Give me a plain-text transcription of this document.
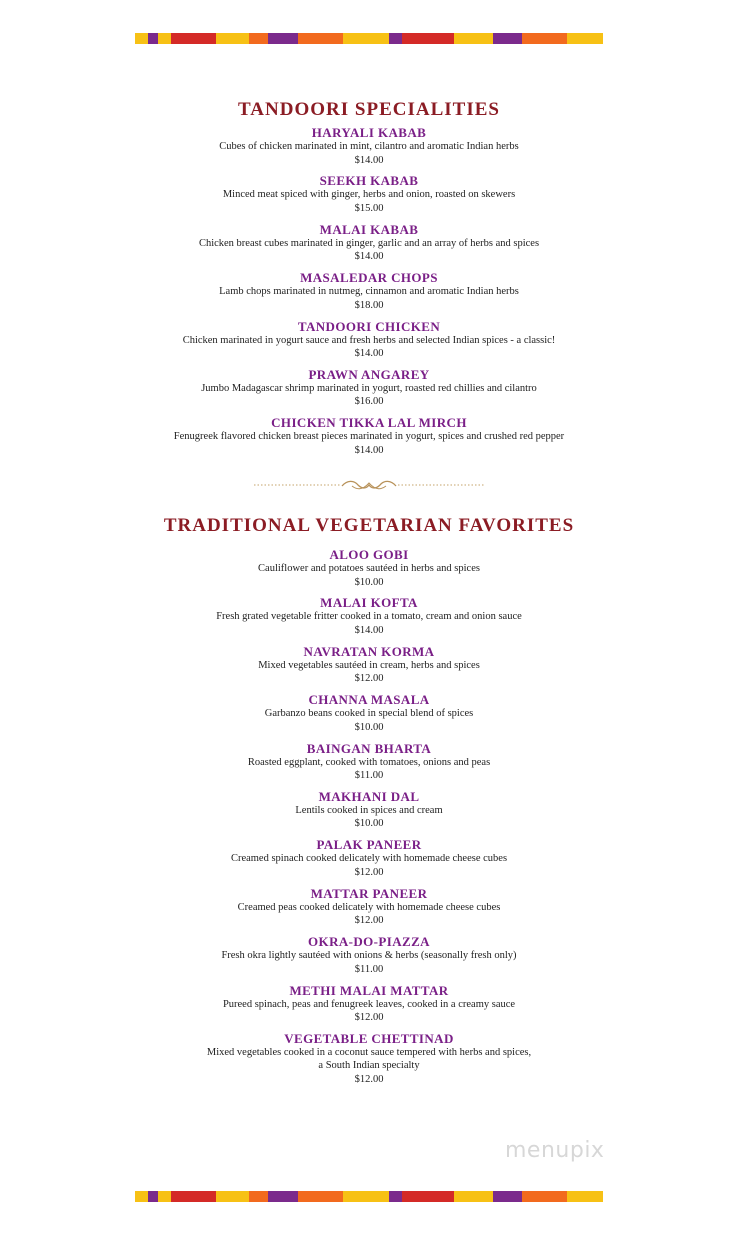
TANDOORI SPECIALITIES
HARYALI KABAB
Cubes of chicken marinated in mint, cilantro and aromatic Indian herbs
$14.00
SEEKH KABAB
Minced meat spiced with ginger, herbs and onion, roasted on skewers
$15.00
MALAI KABAB
Chicken breast cubes marinated in ginger, garlic and an array of herbs and spices
$14.00
MASALEDAR CHOPS
Lamb chops marinated in nutmeg, cinnamon and aromatic Indian herbs
$18.00
TANDOORI CHICKEN
Chicken marinated in yogurt sauce and fresh herbs and selected Indian spices - a classic!
$14.00
PRAWN ANGAREY
Jumbo Madagascar shrimp marinated in yogurt, roasted red chillies and cilantro
$16.00
CHICKEN TIKKA LAL MIRCH
Fenugreek flavored chicken breast pieces marinated in yogurt, spices and crushed red pepper
$14.00
TRADITIONAL VEGETARIAN FAVORITES
ALOO GOBI
Cauliflower and potatoes sautéed in herbs and spices
$10.00
MALAI KOFTA
Fresh grated vegetable fritter cooked in a tomato, cream and onion sauce
$14.00
NAVRATAN KORMA
Mixed vegetables sautéed in cream, herbs and spices
$12.00
CHANNA MASALA
Garbanzo beans cooked in special blend of spices
$10.00
BAINGAN BHARTA
Roasted eggplant, cooked with tomatoes, onions and peas
$11.00
MAKHANI DAL
Lentils cooked in spices and cream
$10.00
PALAK PANEER
Creamed spinach cooked delicately with homemade cheese cubes
$12.00
MATTAR PANEER
Creamed peas cooked delicately with homemade cheese cubes
$12.00
OKRA-DO-PIAZZA
Fresh okra lightly sautéed with onions & herbs (seasonally fresh only)
$11.00
METHI MALAI MATTAR
Pureed spinach, peas and fenugreek leaves, cooked in a creamy sauce
$12.00
VEGETABLE CHETTINAD
Mixed vegetables cooked in a coconut sauce tempered with herbs and spices,
a South Indian specialty
$12.00
menupix
